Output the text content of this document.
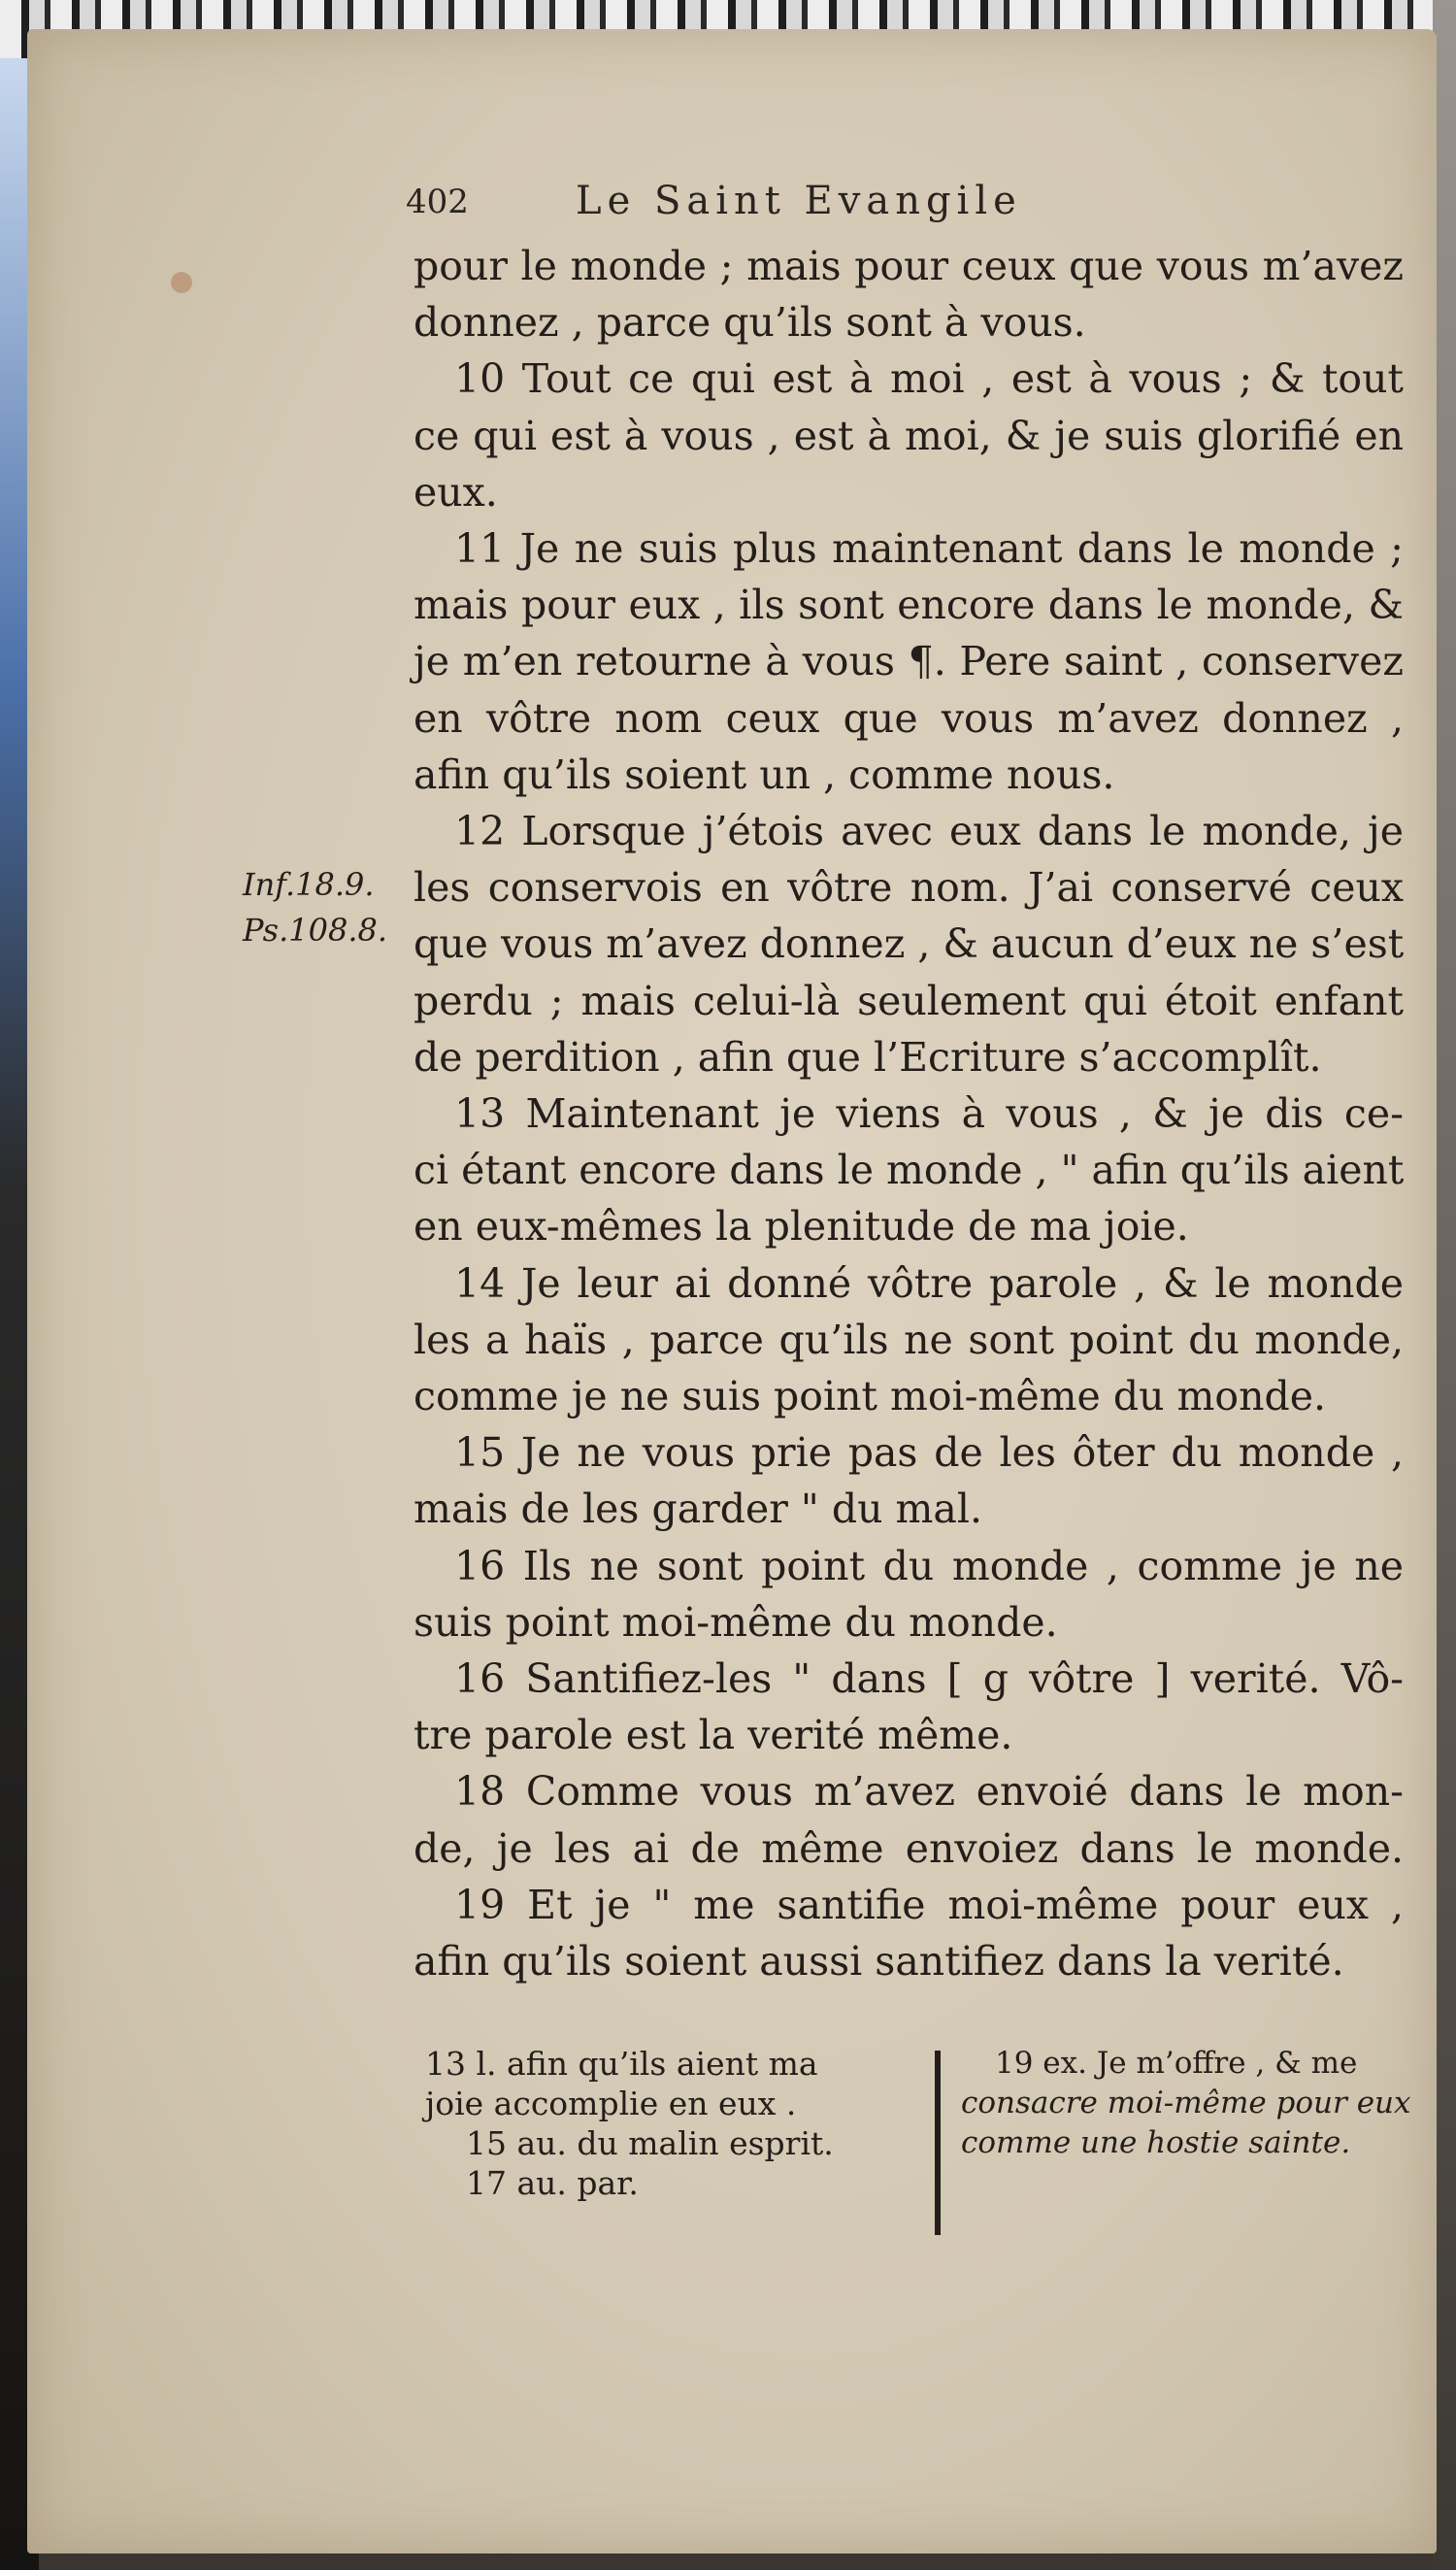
402	Le Saint Evangile
Inf.18.9.
Ps.108.8.
pour le monde ; mais pour ceux que vous m’avez
donnez , parce qu’ils sont à vous.
10 Tout ce qui est à moi , est à vous ; & tout
ce qui est à vous , est à moi, & je suis glorifié en
eux.
11 Je ne suis plus maintenant dans le monde ;
mais pour eux , ils sont encore dans le monde, &
je m’en retourne à vous ¶. Pere saint , conservez
en vôtre nom ceux que vous m’avez donnez ,
afin qu’ils soient un , comme nous.
12 Lorsque j’étois avec eux dans le monde, je
les conservois en vôtre nom. J’ai conservé ceux
que vous m’avez donnez , & aucun d’eux ne s’est
perdu ; mais celui-là seulement qui étoit enfant
de perdition , afin que l’Ecriture s’accomplît.
13 Maintenant je viens à vous , & je dis ce-
ci étant encore dans le monde , " afin qu’ils aient
en eux-mêmes la plenitude de ma joie.
14 Je leur ai donné vôtre parole , & le monde
les a haïs , parce qu’ils ne sont point du monde,
comme je ne suis point moi-même du monde.
15 Je ne vous prie pas de les ôter du monde ,
mais de les garder " du mal.
16 Ils ne sont point du monde , comme je ne
suis point moi-même du monde.
16 Santifiez-les " dans [ g vôtre ] verité. Vô-
tre parole est la verité même.
18 Comme vous m’avez envoié dans le mon-
de, je les ai de même envoiez dans le monde.
19 Et je " me santifie moi-même pour eux ,
afin qu’ils soient aussi santifiez dans la verité.
13 l. afin qu’ils aient ma
joie accomplie en eux .
15 au. du malin esprit.
17 au. par.
19 ex. Je m’offre , & me
consacre moi-même pour eux
comme une hostie sainte.
